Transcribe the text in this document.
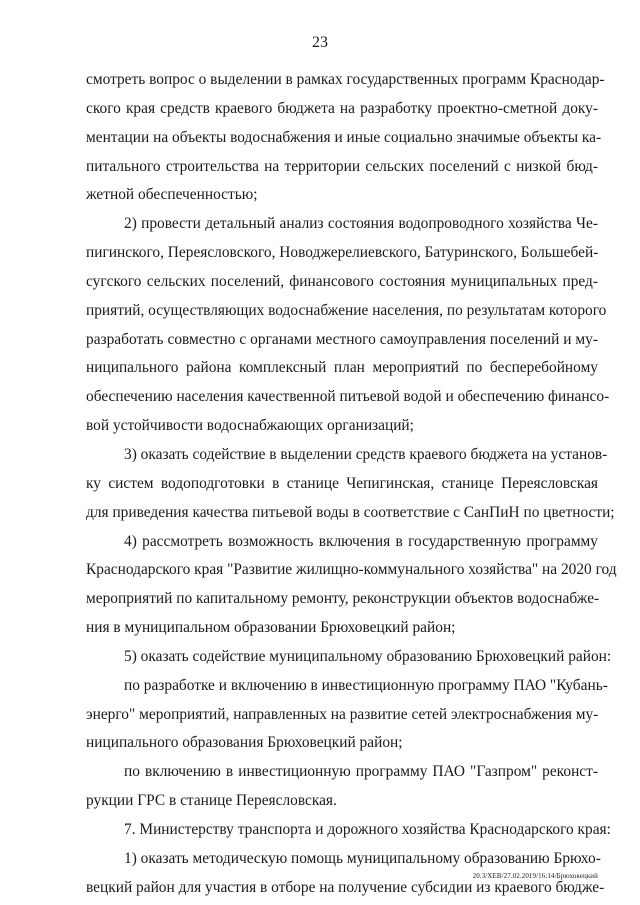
23
смотреть вопрос о выделении в рамках государственных программ Краснодар-
ского края средств краевого бюджета на разработку проектно-сметной доку-
ментации на объекты водоснабжения и иные социально значимые объекты ка-
питального строительства на территории сельских поселений с низкой бюд-
жетной обеспеченностью;
2) провести детальный анализ состояния водопроводного хозяйства Че-
пигинского, Переясловского, Новоджерелиевского, Батуринского, Большебей-
сугского сельских поселений, финансового состояния муниципальных пред-
приятий, осуществляющих водоснабжение населения, по результатам которого
разработать совместно с органами местного самоуправления поселений и му-
ниципального района комплексный план мероприятий по бесперебойному
обеспечению населения качественной питьевой водой и обеспечению финансо-
вой устойчивости водоснабжающих организаций;
3) оказать содействие в выделении средств краевого бюджета на установ-
ку систем водоподготовки в станице Чепигинская, станице Переясловская
для приведения качества питьевой воды в соответствие с СанПиН по цветности;
4) рассмотреть возможность включения в государственную программу
Краснодарского края "Развитие жилищно-коммунального хозяйства" на 2020 год
мероприятий по капитальному ремонту, реконструкции объектов водоснабже-
ния в муниципальном образовании Брюховецкий район;
5) оказать содействие муниципальному образованию Брюховецкий район:
по разработке и включению в инвестиционную программу ПАО "Кубань-
энерго" мероприятий, направленных на развитие сетей электроснабжения му-
ниципального образования Брюховецкий район;
по включению в инвестиционную программу ПАО "Газпром" реконст-
рукции ГРС в станице Переясловская.
7. Министерству транспорта и дорожного хозяйства Краснодарского края:
1) оказать методическую помощь муниципальному образованию Брюхо-
вецкий район для участия в отборе на получение субсидии из краевого бюдже-
20.3/ХЕВ/27.02.2019/16:14/Брюховецкий
